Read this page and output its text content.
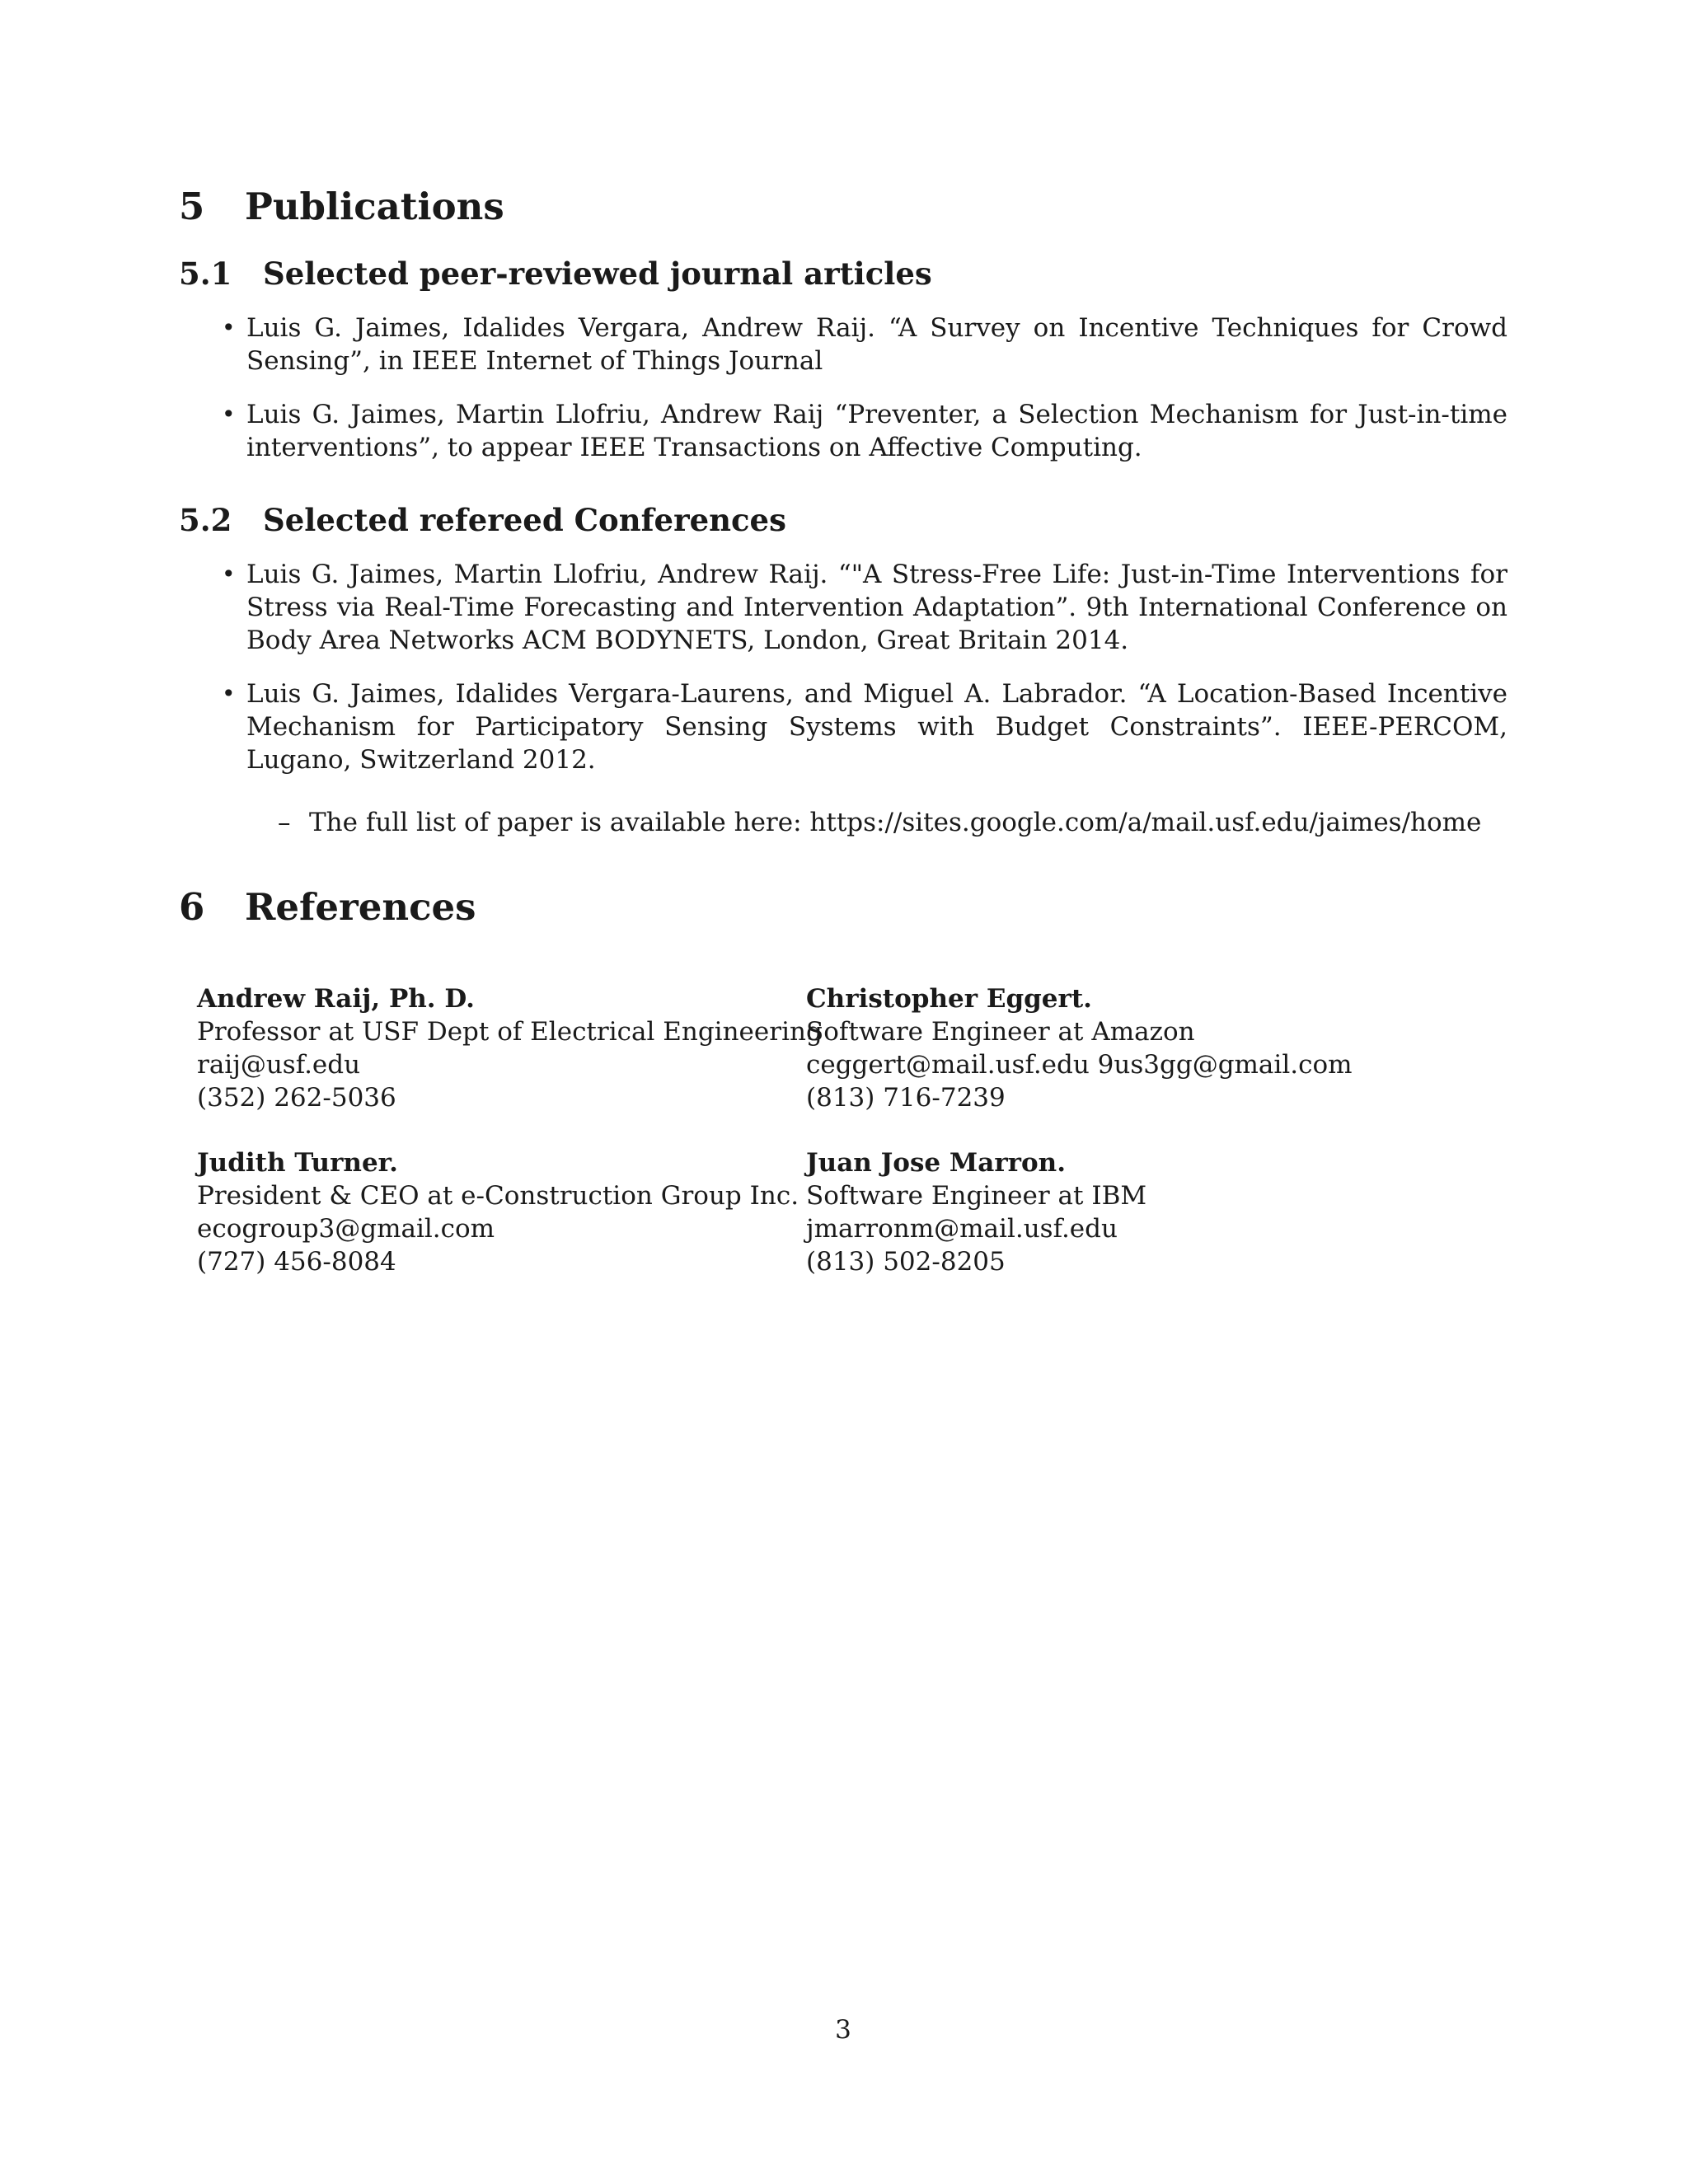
5 Publications
5.1 Selected peer-reviewed journal articles
• Luis G. Jaimes, Idalides Vergara, Andrew Raij. “A Survey on Incentive Techniques for Crowd Sensing”, in IEEE Internet of Things Journal
• Luis G. Jaimes, Martin Llofriu, Andrew Raij “Preventer, a Selection Mechanism for Just-in-time interventions”, to appear IEEE Transactions on Affective Computing.
5.2 Selected refereed Conferences
• Luis G. Jaimes, Martin Llofriu, Andrew Raij. “"A Stress-Free Life: Just-in-Time Interventions for Stress via Real-Time Forecasting and Intervention Adaptation”. 9th International Conference on Body Area Networks ACM BODYNETS, London, Great Britain 2014.
• Luis G. Jaimes, Idalides Vergara-Laurens, and Miguel A. Labrador. “A Location-Based Incentive Mechanism for Participatory Sensing Systems with Budget Constraints”. IEEE-PERCOM, Lugano, Switzerland 2012.
– The full list of paper is available here: https://sites.google.com/a/mail.usf.edu/jaimes/home
6 References
Andrew Raij, Ph. D.
Professor at USF Dept of Electrical Engineering
raij@usf.edu
(352) 262-5036
Christopher Eggert.
Software Engineer at Amazon
ceggert@mail.usf.edu 9us3gg@gmail.com
(813) 716-7239
Judith Turner.
President & CEO at e-Construction Group Inc.
ecogroup3@gmail.com
(727) 456-8084
Juan Jose Marron.
Software Engineer at IBM
jmarronm@mail.usf.edu
(813) 502-8205
3
